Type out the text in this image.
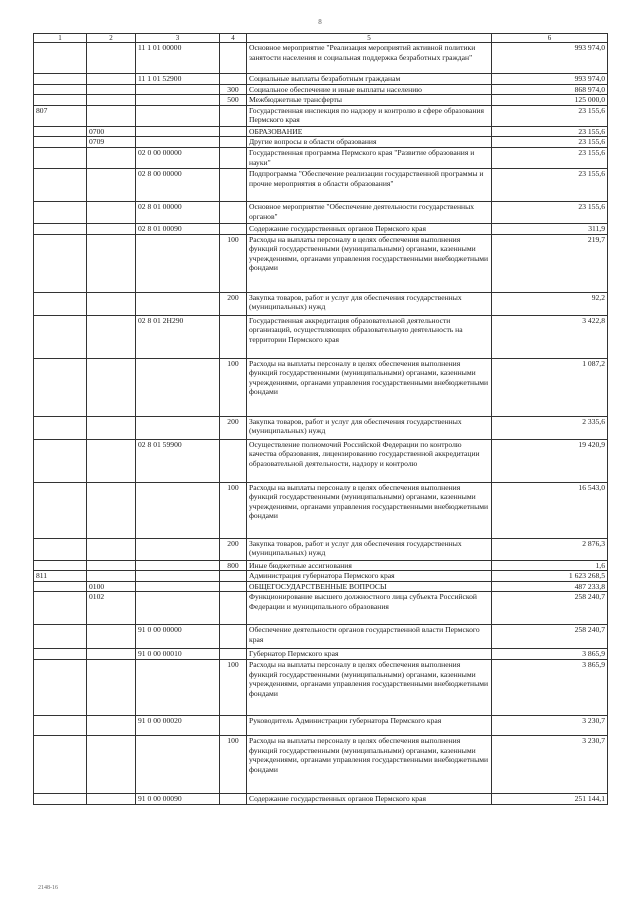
8
1	2	3	4	5	6
		11 1 01 00000		Основное мероприятие "Реализация мероприятий активной политики занятости населения и социальная поддержка безработных граждан"	993 974,0
		11 1 01 52900		Социальные выплаты безработным гражданам	993 974,0
			300	Социальное обеспечение и иные выплаты населению	868 974,0
			500	Межбюджетные трансферты	125 000,0
807				Государственная инспекция по надзору и контролю в сфере образования Пермского края	23 155,6
	0700			ОБРАЗОВАНИЕ	23 155,6
	0709			Другие вопросы в области образования	23 155,6
		02 0 00 00000		Государственная программа Пермского края "Развитие образования и науки"	23 155,6
		02 8 00 00000		Подпрограмма "Обеспечение реализации государственной программы и прочие мероприятия в области образования"	23 155,6
		02 8 01 00000		Основное мероприятие "Обеспечение деятельности государственных органов"	23 155,6
		02 8 01 00090		Содержание государственных органов Пермского края	311,9
			100	Расходы на выплаты персоналу в целях обеспечения выполнения функций государственными (муниципальными) органами, казенными учреждениями, органами управления государственными внебюджетными фондами	219,7
			200	Закупка товаров, работ и услуг для обеспечения государственных (муниципальных) нужд	92,2
		02 8 01 2Н290		Государственная аккредитация образовательной деятельности организаций, осуществляющих образовательную деятельность на территории Пермского края	3 422,8
			100	Расходы на выплаты персоналу в целях обеспечения выполнения функций государственными (муниципальными) органами, казенными учреждениями, органами управления государственными внебюджетными фондами	1 087,2
			200	Закупка товаров, работ и услуг для обеспечения государственных (муниципальных) нужд	2 335,6
		02 8 01 59900		Осуществление полномочий Российской Федерации по контролю качества образования, лицензированию государственной аккредитации образовательной деятельности, надзору и контролю	19 420,9
			100	Расходы на выплаты персоналу в целях обеспечения выполнения функций государственными (муниципальными) органами, казенными учреждениями, органами управления государственными внебюджетными фондами	16 543,0
			200	Закупка товаров, работ и услуг для обеспечения государственных (муниципальных) нужд	2 876,3
			800	Иные бюджетные ассигнования	1,6
811				Администрация губернатора Пермского края	1 623 268,5
	0100			ОБЩЕГОСУДАРСТВЕННЫЕ ВОПРОСЫ	487 233,8
	0102			Функционирование высшего должностного лица субъекта Российской Федерации и муниципального образования	258 240,7
		91 0 00 00000		Обеспечение деятельности органов государственной власти Пермского края	258 240,7
		91 0 00 00010		Губернатор Пермского края	3 865,9
			100	Расходы на выплаты персоналу в целях обеспечения выполнения функций государственными (муниципальными) органами, казенными учреждениями, органами управления государственными внебюджетными фондами	3 865,9
		91 0 00 00020		Руководитель Администрации губернатора Пермского края	3 230,7
			100	Расходы на выплаты персоналу в целях обеспечения выполнения функций государственными (муниципальными) органами, казенными учреждениями, органами управления государственными внебюджетными фондами	3 230,7
		91 0 00 00090		Содержание государственных органов Пермского края	251 144,1
2148-16
